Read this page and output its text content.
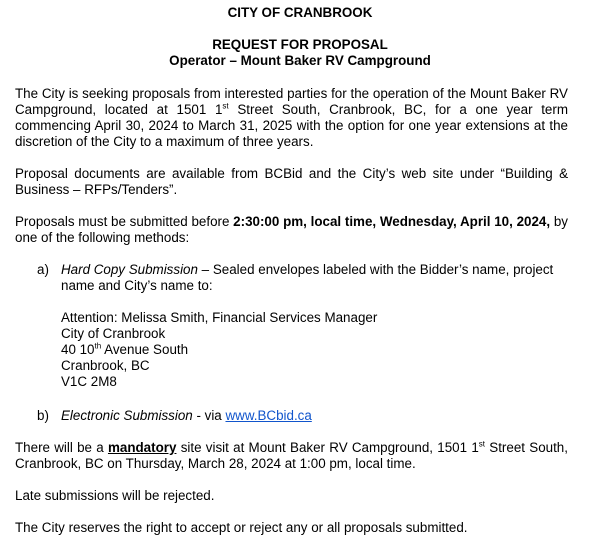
CITY OF CRANBROOK
REQUEST FOR PROPOSAL
Operator – Mount Baker RV Campground

The City is seeking proposals from interested parties for the operation of the Mount Baker RV Campground, located at 1501 1st Street South, Cranbrook, BC, for a one year term commencing April 30, 2024 to March 31, 2025 with the option for one year extensions at the discretion of the City to a maximum of three years.

Proposal documents are available from BCBid and the City’s web site under “Building & Business – RFPs/Tenders”.

Proposals must be submitted before 2:30:00 pm, local time, Wednesday, April 10, 2024, by one of the following methods:

a) Hard Copy Submission – Sealed envelopes labeled with the Bidder’s name, project name and City’s name to:
Attention: Melissa Smith, Financial Services Manager
City of Cranbrook
40 10th Avenue South
Cranbrook, BC
V1C 2M8
b) Electronic Submission - via www.BCbid.ca

There will be a mandatory site visit at Mount Baker RV Campground, 1501 1st Street South, Cranbrook, BC on Thursday, March 28, 2024 at 1:00 pm, local time.

Late submissions will be rejected.

The City reserves the right to accept or reject any or all proposals submitted.
